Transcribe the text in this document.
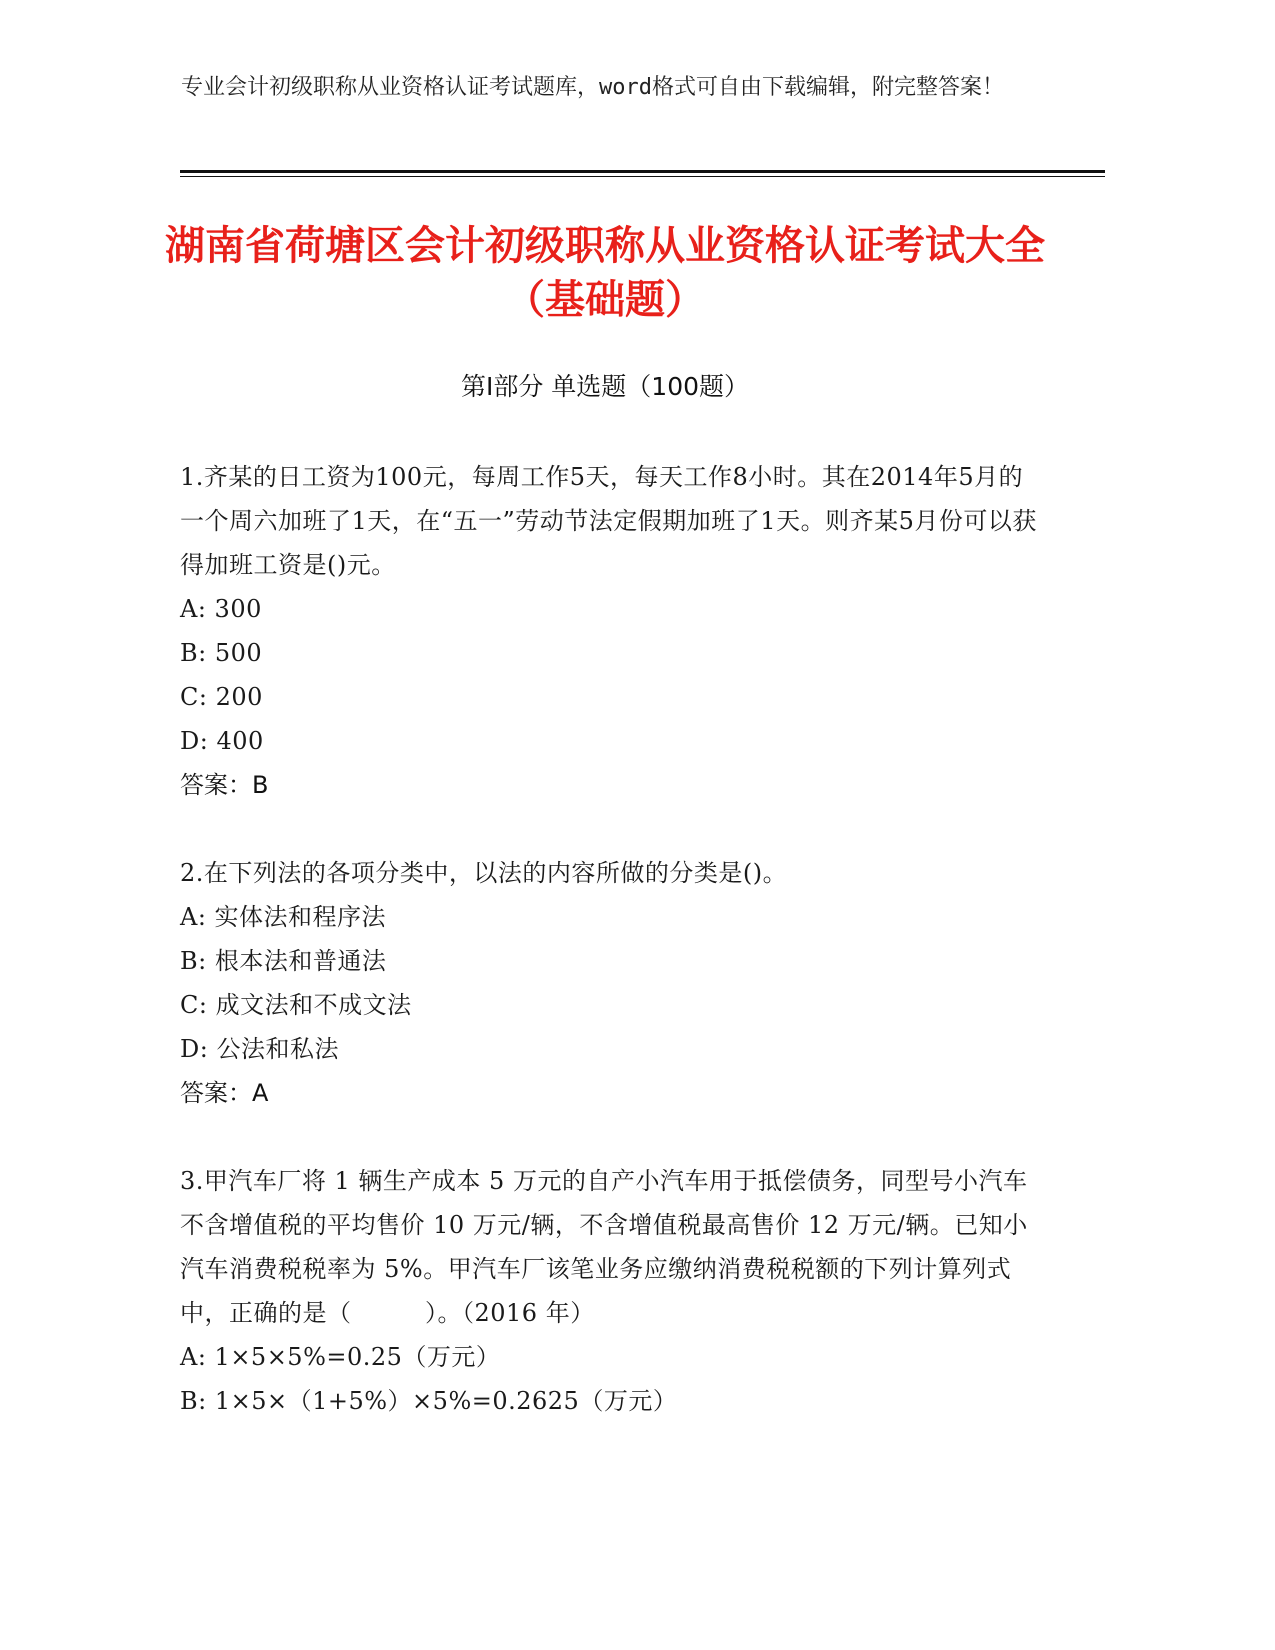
专业会计初级职称从业资格认证考试题库，word格式可自由下载编辑，附完整答案！
湖南省荷塘区会计初级职称从业资格认证考试大全（基础题）
第Ⅰ部分 单选题（100题）

1.齐某的日工资为100元，每周工作5天，每天工作8小时。其在2014年5月的一个周六加班了1天，在“五一”劳动节法定假期加班了1天。则齐某5月份可以获得加班工资是()元。

A: 300

B: 500

C: 200

D: 400

答案：B

2.在下列法的各项分类中，以法的内容所做的分类是()。

A: 实体法和程序法

B: 根本法和普通法

C: 成文法和不成文法

D: 公法和私法

答案：A

3.甲汽车厂将 1 辆生产成本 5 万元的自产小汽车用于抵偿债务，同型号小汽车不含增值税的平均售价 10 万元/辆，不含增值税最高售价 12 万元/辆。已知小汽车消费税税率为 5%。甲汽车厂该笔业务应缴纳消费税税额的下列计算列式中，正确的是（　　　）。（2016 年）

A: 1×5×5%=0.25（万元）

B: 1×5×（1+5%）×5%=0.2625（万元）
